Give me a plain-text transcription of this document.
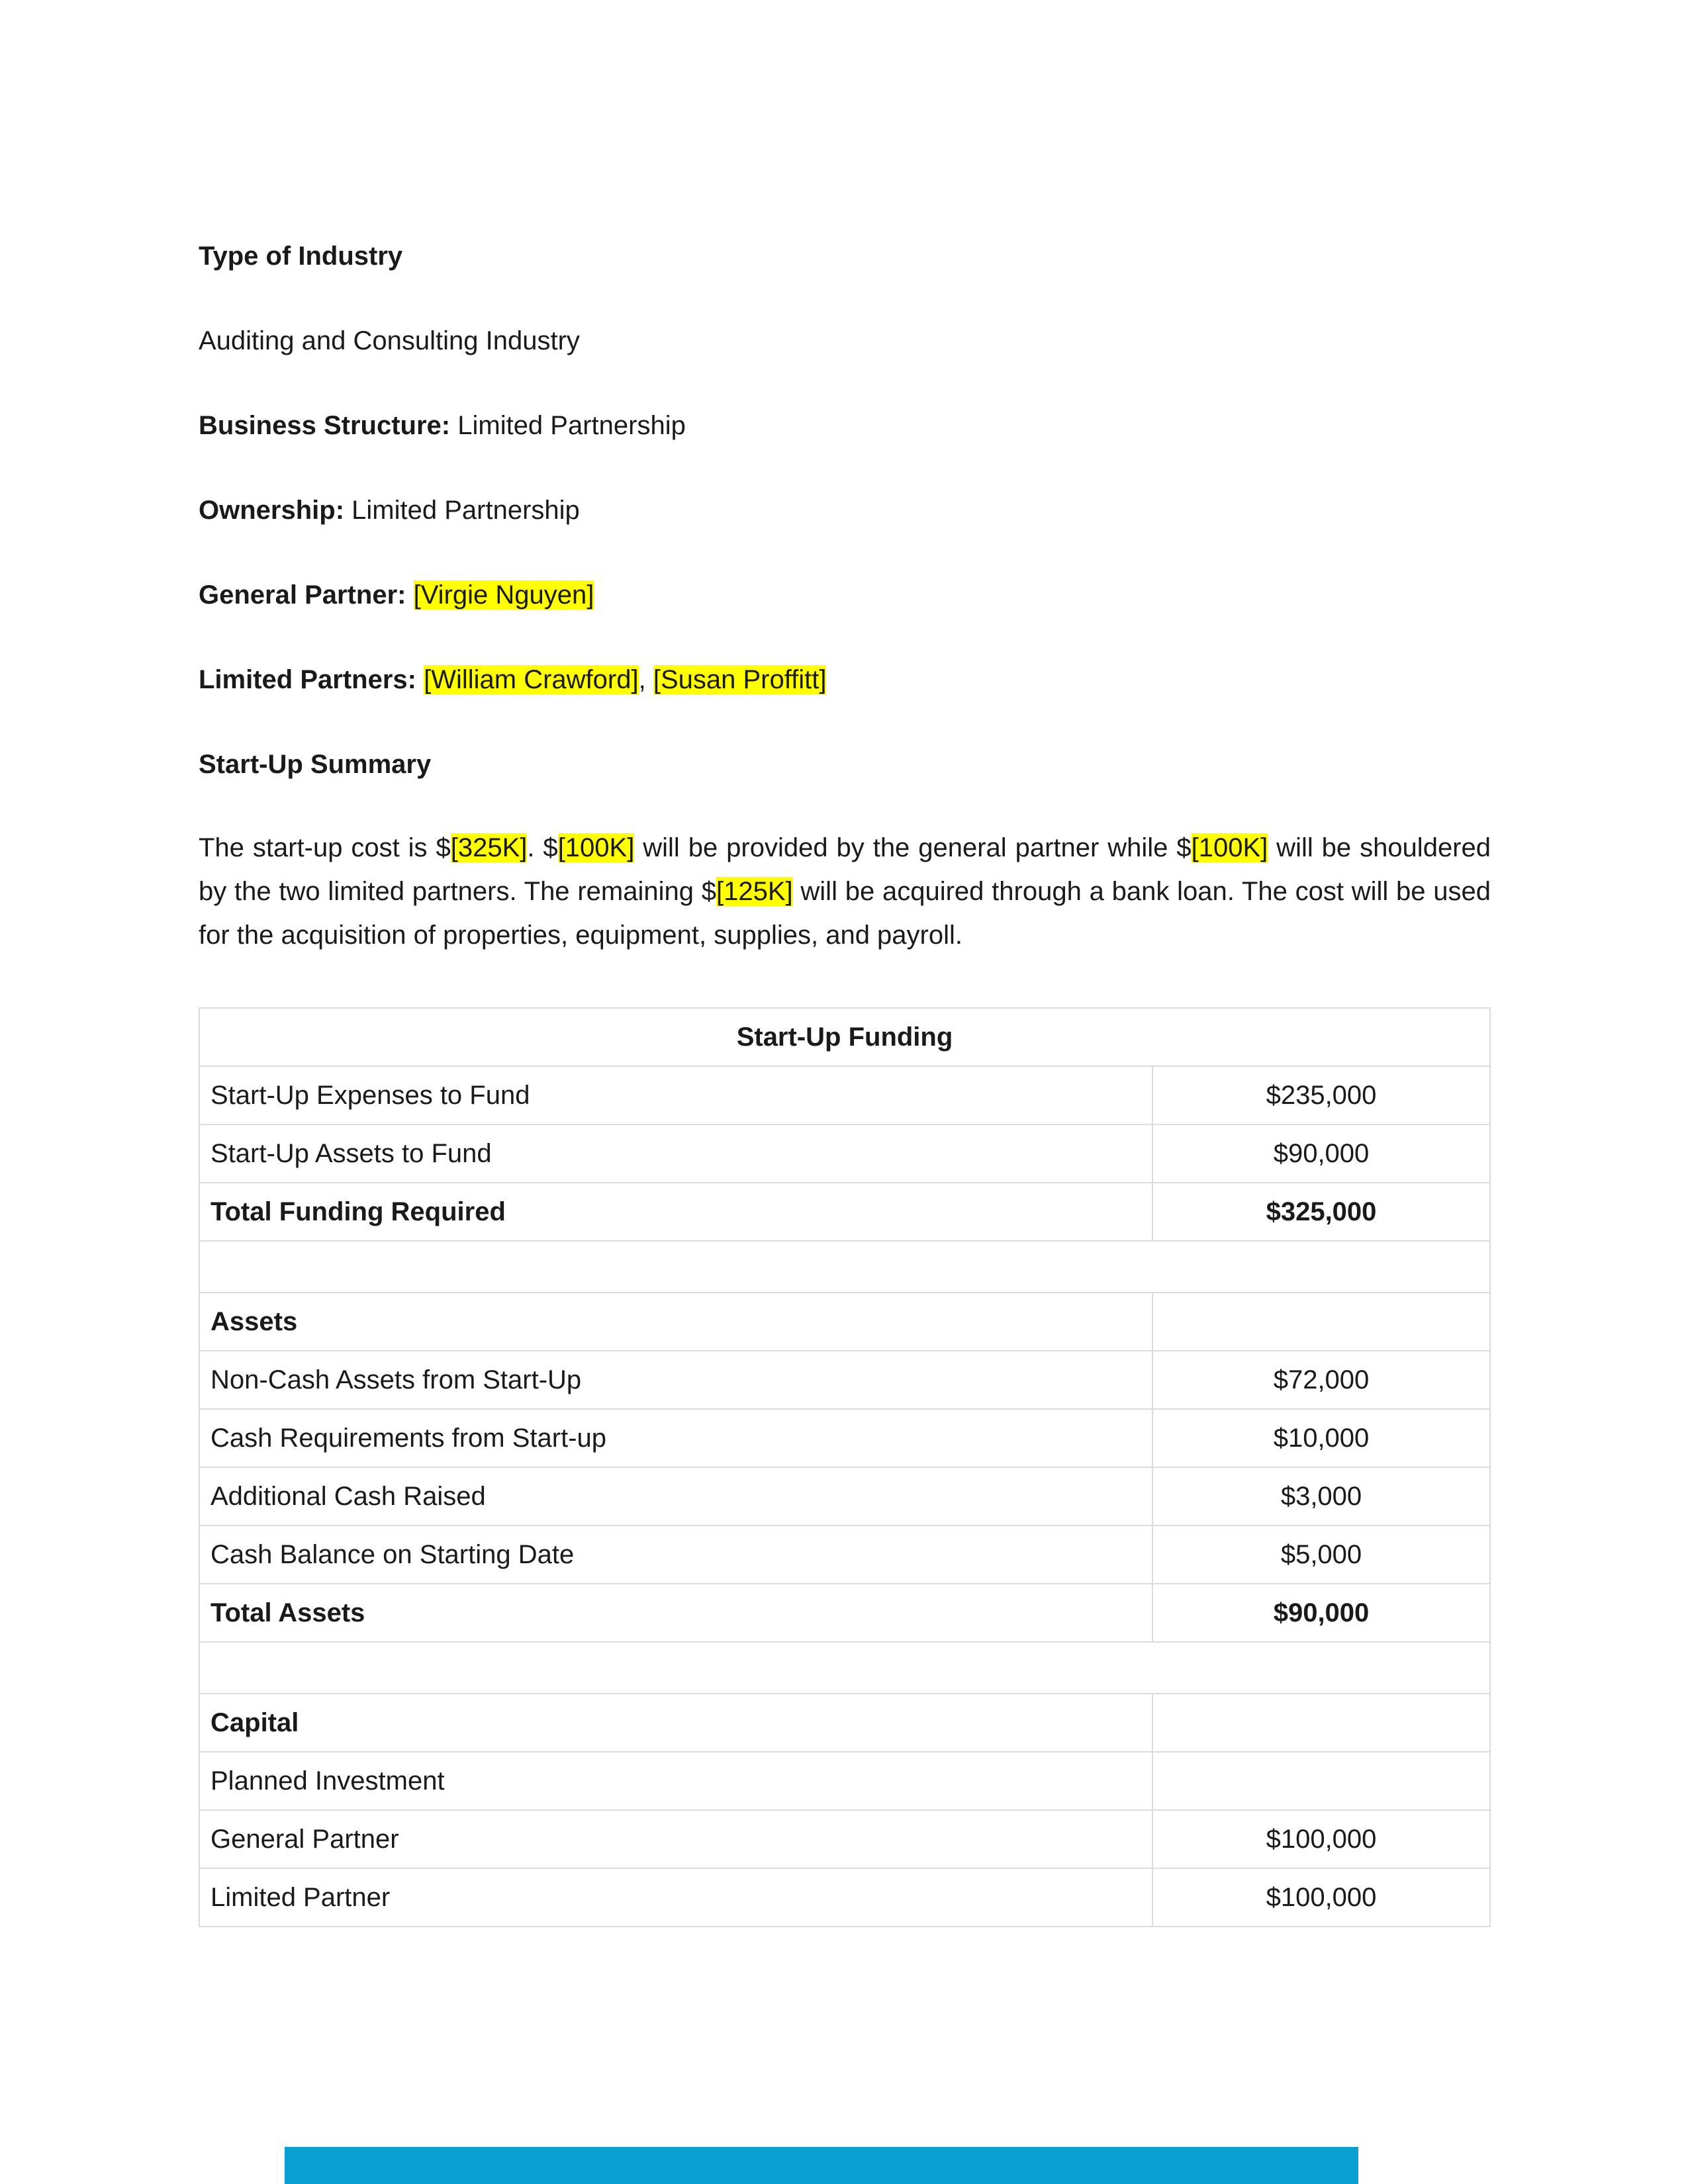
Type of Industry

Auditing and Consulting Industry

Business Structure: Limited Partnership

Ownership: Limited Partnership

General Partner: [Virgie Nguyen]

Limited Partners: [William Crawford], [Susan Proffitt]

Start-Up Summary

The start-up cost is $[325K]. $[100K] will be provided by the general partner while $[100K] will be shouldered by the two limited partners. The remaining $[125K] will be acquired through a bank loan. The cost will be used for the acquisition of properties, equipment, supplies, and payroll.

Start-Up Funding	
Start-Up Expenses to Fund	$235,000
Start-Up Assets to Fund	$90,000
Total Funding Required	$325,000

Assets	
Non-Cash Assets from Start-Up	$72,000
Cash Requirements from Start-up	$10,000
Additional Cash Raised	$3,000
Cash Balance on Starting Date	$5,000
Total Assets	$90,000

Capital	
Planned Investment	
General Partner	$100,000
Limited Partner	$100,000
